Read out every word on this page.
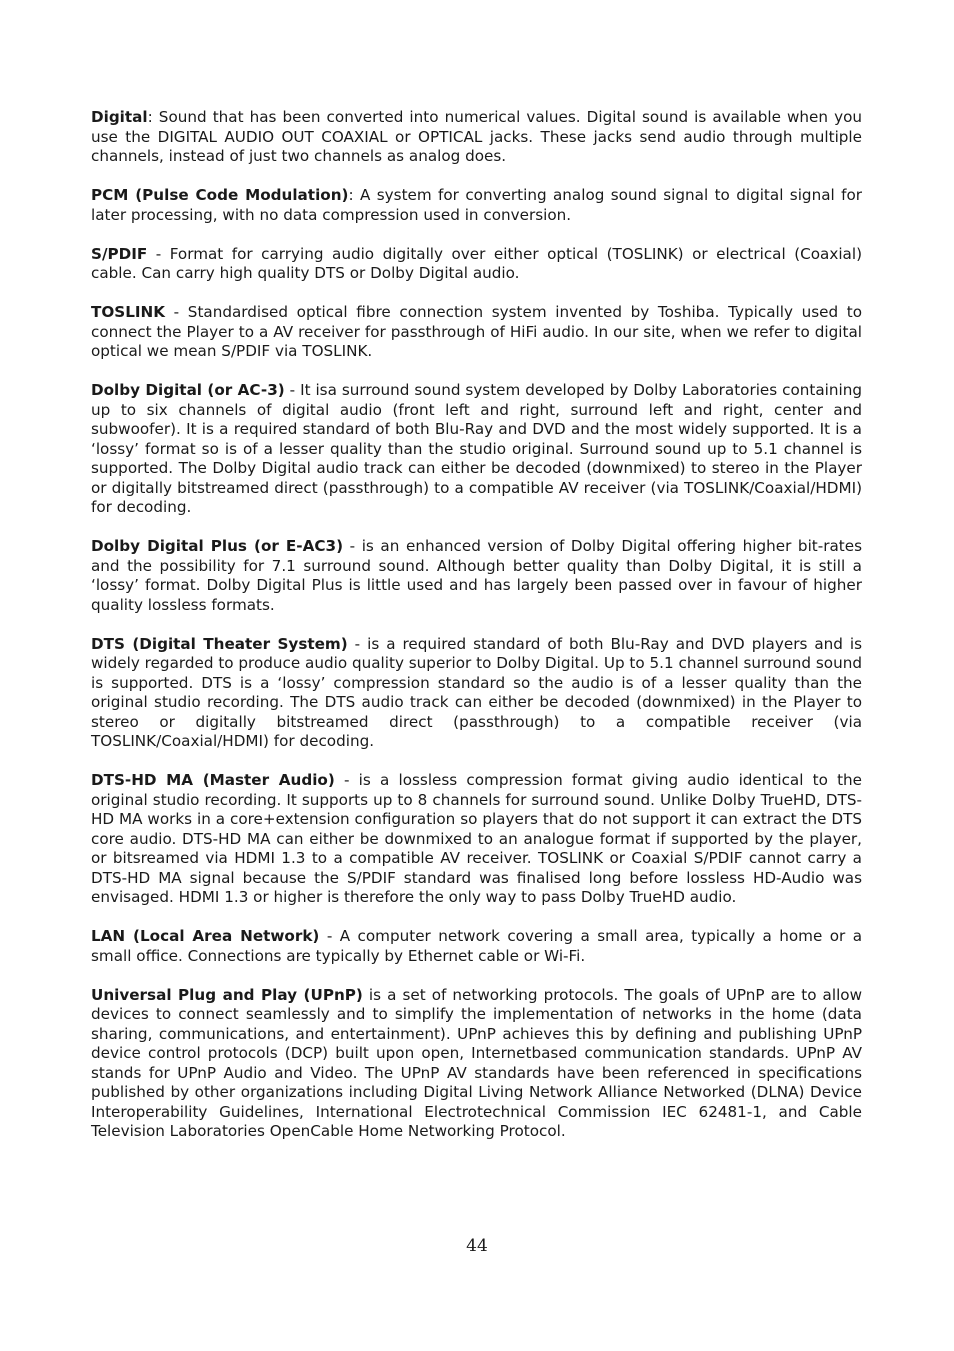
Digital: Sound that has been converted into numerical values. Digital sound is available when you use the DIGITAL AUDIO OUT COAXIAL or OPTICAL jacks. These jacks send audio through multiple channels, instead of just two channels as analog does.

PCM (Pulse Code Modulation): A system for converting analog sound signal to digital signal for later processing, with no data compression used in conversion.

S/PDIF - Format for carrying audio digitally over either optical (TOSLINK) or electrical (Coaxial) cable. Can carry high quality DTS or Dolby Digital audio.

TOSLINK - Standardised optical fibre connection system invented by Toshiba. Typically used to connect the Player to a AV receiver for passthrough of HiFi audio. In our site, when we refer to digital optical we mean S/PDIF via TOSLINK.

Dolby Digital (or AC-3) - It isa surround sound system developed by Dolby Laboratories containing up to six channels of digital audio (front left and right, surround left and right, center and subwoofer). It is a required standard of both Blu-Ray and DVD and the most widely supported. It is a ‘lossy’ format so is of a lesser quality than the studio original. Surround sound up to 5.1 channel is supported. The Dolby Digital audio track can either be decoded (downmixed) to stereo in the Player or digitally bitstreamed direct (passthrough) to a compatible AV receiver (via TOSLINK/Coaxial/HDMI) for decoding.

Dolby Digital Plus (or E-AC3) - is an enhanced version of Dolby Digital offering higher bit-rates and the possibility for 7.1 surround sound. Although better quality than Dolby Digital, it is still a ‘lossy’ format. Dolby Digital Plus is little used and has largely been passed over in favour of higher quality lossless formats.

DTS (Digital Theater System) - is a required standard of both Blu-Ray and DVD players and is widely regarded to produce audio quality superior to Dolby Digital. Up to 5.1 channel surround sound is supported. DTS is a ‘lossy’ compression standard so the audio is of a lesser quality than the original studio recording. The DTS audio track can either be decoded (downmixed) in the Player to stereo or digitally bitstreamed direct (passthrough) to a compatible receiver (via TOSLINK/Coaxial/HDMI) for decoding.

DTS-HD MA (Master Audio) - is a lossless compression format giving audio identical to the original studio recording. It supports up to 8 channels for surround sound. Unlike Dolby TrueHD, DTS-HD MA works in a core+extension configuration so players that do not support it can extract the DTS core audio. DTS-HD MA can either be downmixed to an analogue format if supported by the player, or bitsreamed via HDMI 1.3 to a compatible AV receiver. TOSLINK or Coaxial S/PDIF cannot carry a DTS-HD MA signal because the S/PDIF standard was finalised long before lossless HD-Audio was envisaged. HDMI 1.3 or higher is therefore the only way to pass Dolby TrueHD audio.

LAN (Local Area Network) - A computer network covering a small area, typically a home or a small office. Connections are typically by Ethernet cable or Wi-Fi.

Universal Plug and Play (UPnP) is a set of networking protocols. The goals of UPnP are to allow devices to connect seamlessly and to simplify the implementation of networks in the home (data sharing, communications, and entertainment). UPnP achieves this by defining and publishing UPnP device control protocols (DCP) built upon open, Internetbased communication standards. UPnP AV stands for UPnP Audio and Video. The UPnP AV standards have been referenced in specifications published by other organizations including Digital Living Network Alliance Networked (DLNA) Device Interoperability Guidelines, International Electrotechnical Commission IEC 62481-1, and Cable Television Laboratories OpenCable Home Networking Protocol.

44
